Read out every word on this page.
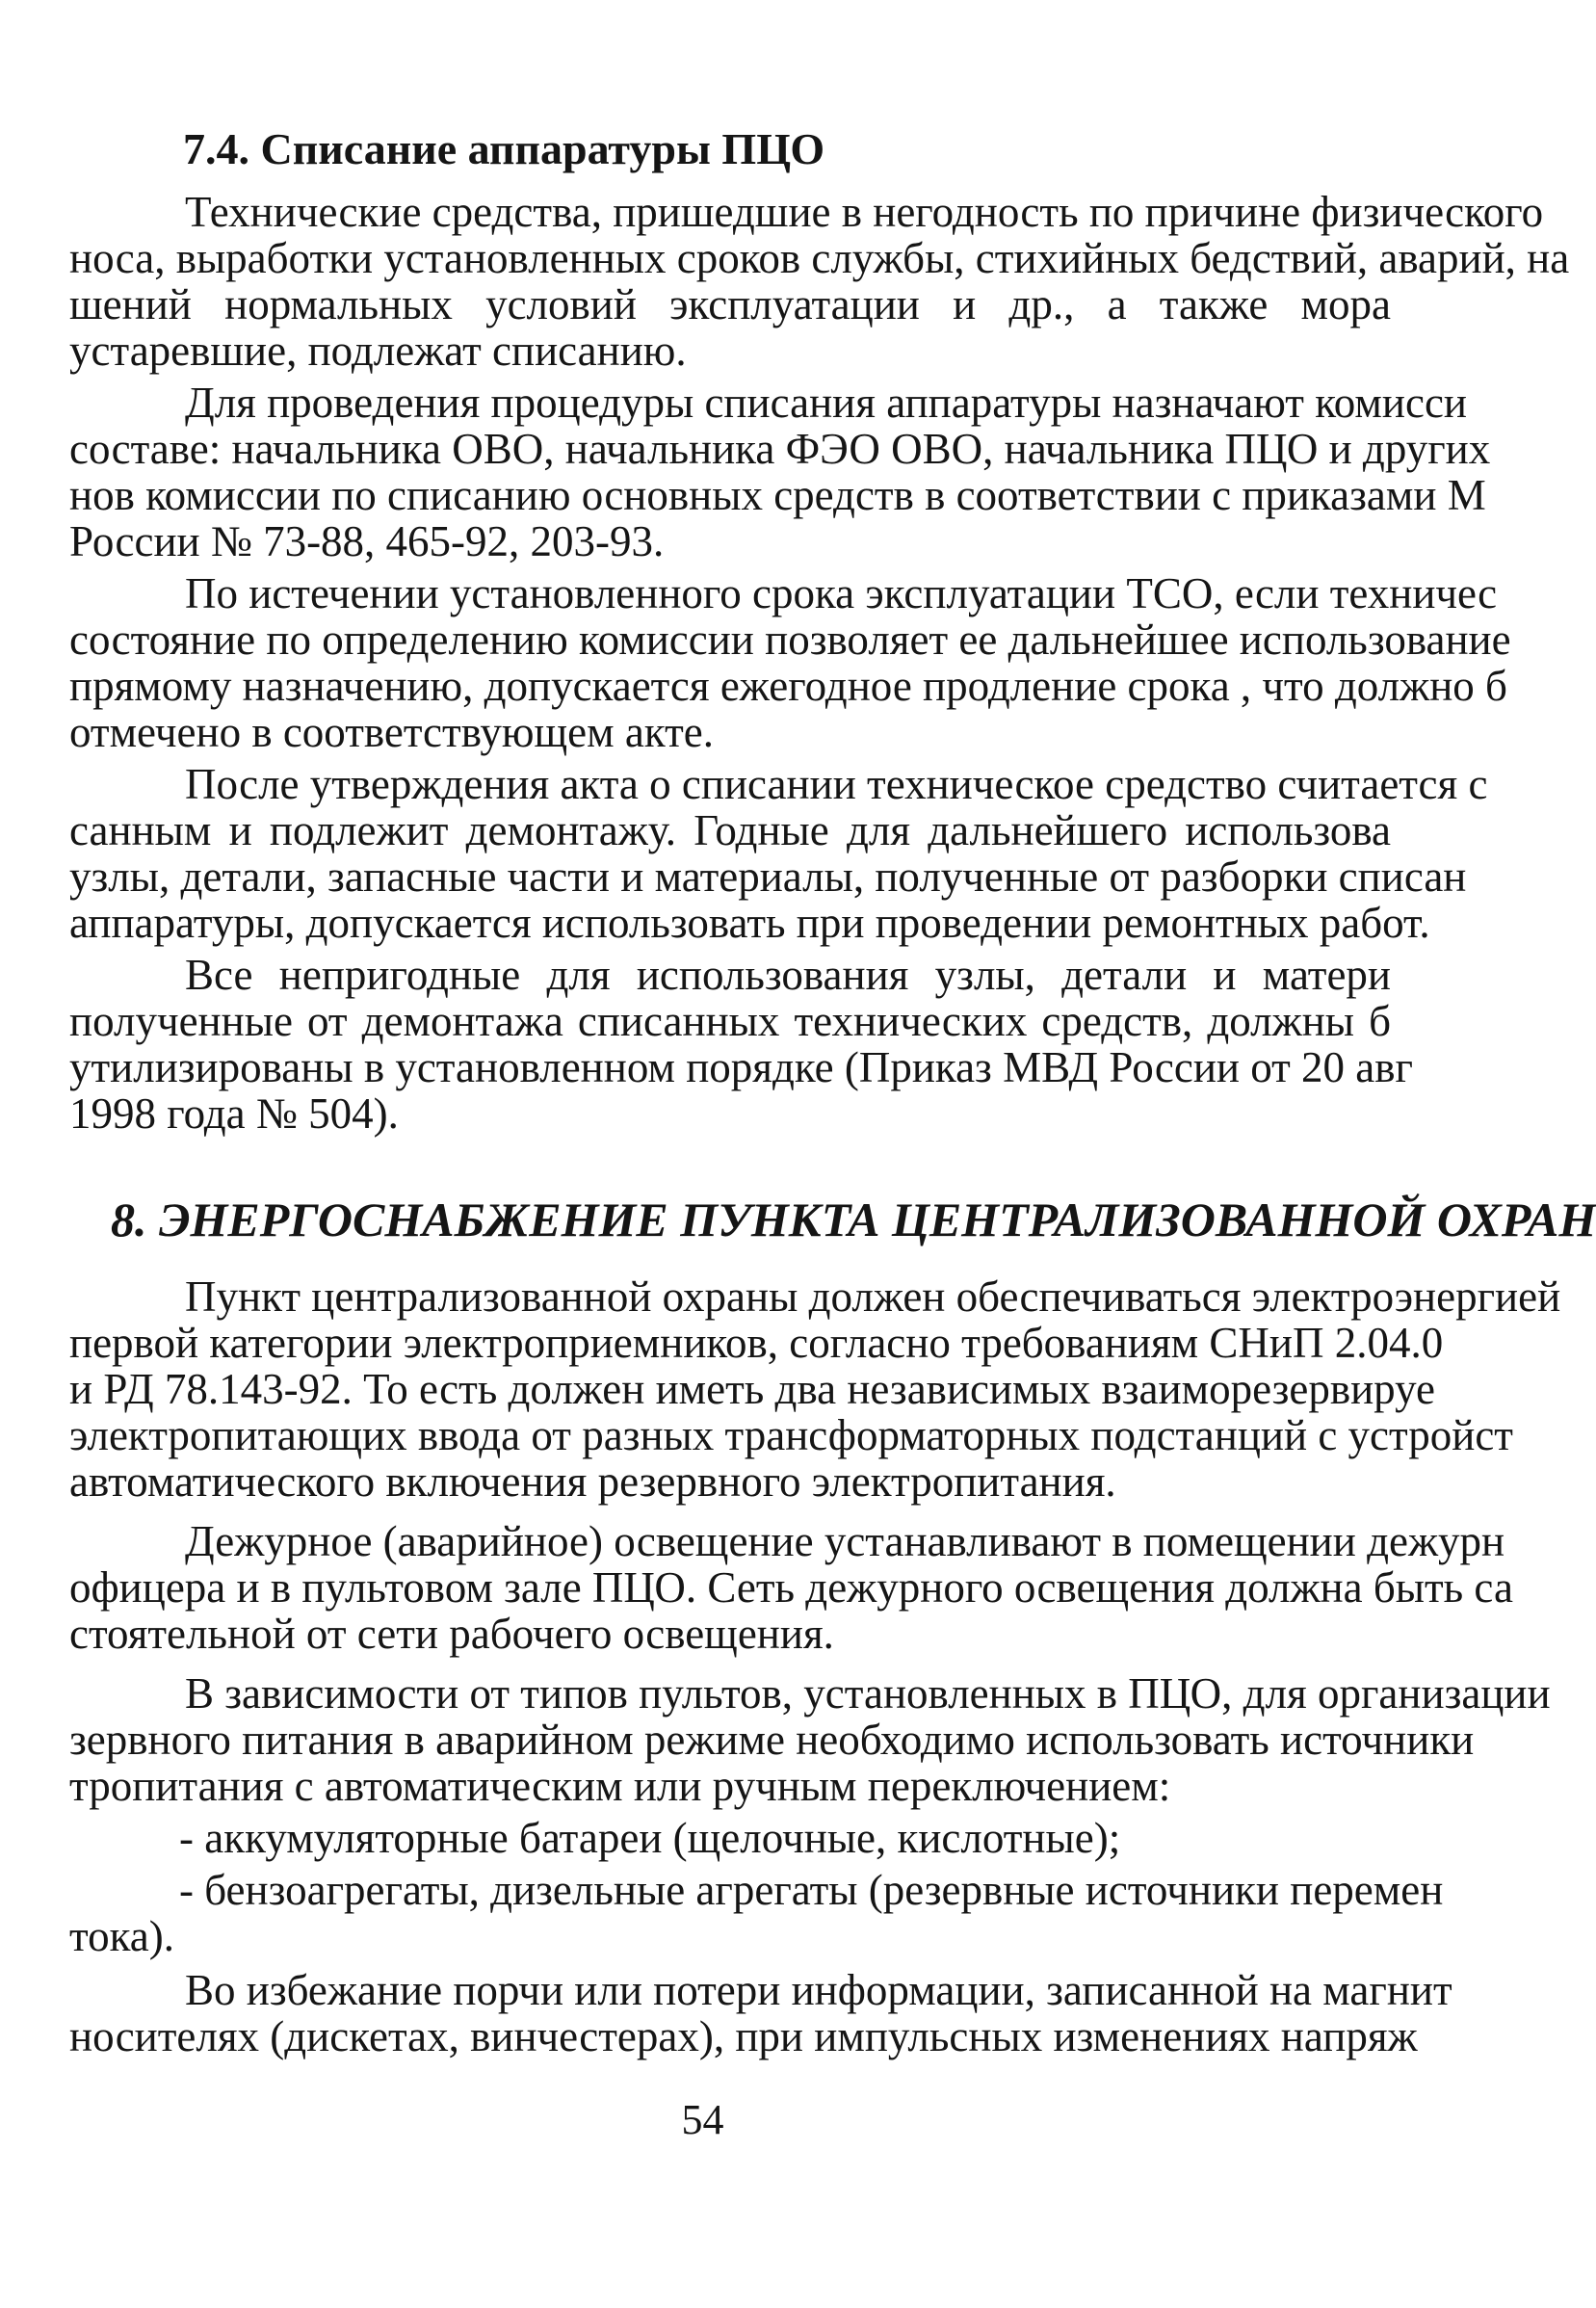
7.4. Списание аппаратуры ПЦО
Технические средства, пришедшие в негодность по причине физического
носа, выработки установленных сроков службы, стихийных бедствий, аварий, на
шений нормальных условий эксплуатации и др., а также мора
устаревшие, подлежат списанию.
Для проведения процедуры списания аппаратуры назначают комисси
составе: начальника ОВО, начальника ФЭО ОВО, начальника ПЦО и других
нов комиссии по списанию основных средств в соответствии с приказами М
России № 73-88, 465-92, 203-93.
По истечении установленного срока эксплуатации ТСО, если техничес
состояние по определению комиссии позволяет ее дальнейшее использование
прямому назначению, допускается ежегодное продление срока , что должно б
отмечено в соответствующем акте.
После утверждения акта о списании техническое средство считается с
санным и подлежит демонтажу. Годные для дальнейшего использова
узлы, детали, запасные части и материалы, полученные от разборки списан
аппаратуры, допускается использовать при проведении ремонтных работ.
Все непригодные для использования узлы, детали и матери
полученные от демонтажа списанных технических средств, должны б
утилизированы в установленном порядке (Приказ МВД России от 20 авг
1998 года № 504).
8. ЭНЕРГОСНАБЖЕНИЕ ПУНКТА ЦЕНТРАЛИЗОВАННОЙ ОХРАН
Пункт централизованной охраны должен обеспечиваться электроэнергией
первой категории электроприемников, согласно требованиям СНиП 2.04.0
и РД 78.143-92. То есть должен иметь два независимых взаиморезервируе
электропитающих ввода от разных трансформаторных подстанций с устройст
автоматического включения резервного электропитания.
Дежурное (аварийное) освещение устанавливают в помещении дежурн
офицера и в пультовом зале ПЦО. Сеть дежурного освещения должна быть са
стоятельной от сети рабочего освещения.
В зависимости от типов пультов, установленных в ПЦО, для организации
зервного питания в аварийном режиме необходимо использовать источники
тропитания с автоматическим или ручным переключением:
- аккумуляторные батареи (щелочные, кислотные);
- бензоагрегаты, дизельные агрегаты (резервные источники перемен
тока).
Во избежание порчи или потери информации, записанной на магнит
носителях (дискетах, винчестерах), при импульсных изменениях напряж
54
